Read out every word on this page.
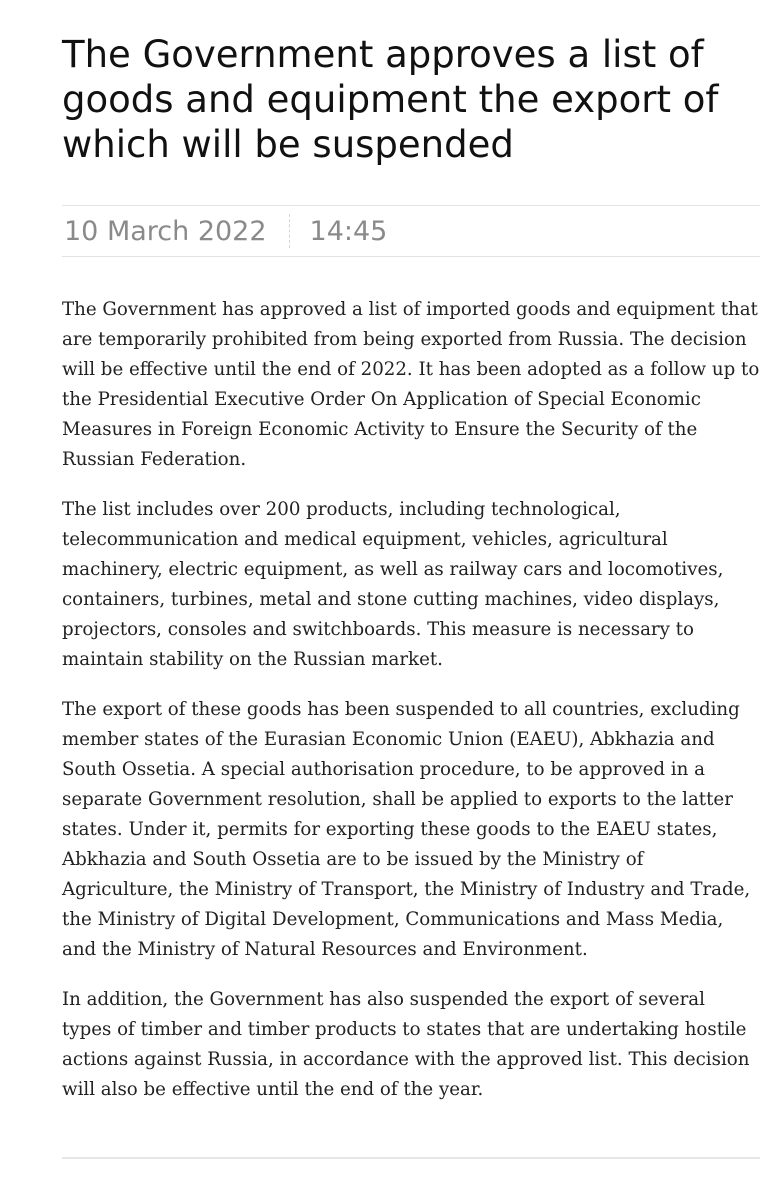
The Government approves a list of goods and equipment the export of which will be suspended
10 March 2022	14:45

The Government has approved a list of imported goods and equipment that are temporarily prohibited from being exported from Russia. The decision will be effective until the end of 2022. It has been adopted as a follow up to the Presidential Executive Order On Application of Special Economic Measures in Foreign Economic Activity to Ensure the Security of the Russian Federation.

The list includes over 200 products, including technological, telecommunication and medical equipment, vehicles, agricultural machinery, electric equipment, as well as railway cars and locomotives, containers, turbines, metal and stone cutting machines, video displays, projectors, consoles and switchboards. This measure is necessary to maintain stability on the Russian market.

The export of these goods has been suspended to all countries, excluding member states of the Eurasian Economic Union (EAEU), Abkhazia and South Ossetia. A special authorisation procedure, to be approved in a separate Government resolution, shall be applied to exports to the latter states. Under it, permits for exporting these goods to the EAEU states, Abkhazia and South Ossetia are to be issued by the Ministry of Agriculture, the Ministry of Transport, the Ministry of Industry and Trade, the Ministry of Digital Development, Communications and Mass Media, and the Ministry of Natural Resources and Environment.

In addition, the Government has also suspended the export of several types of timber and timber products to states that are undertaking hostile actions against Russia, in accordance with the approved list. This decision will also be effective until the end of the year.
